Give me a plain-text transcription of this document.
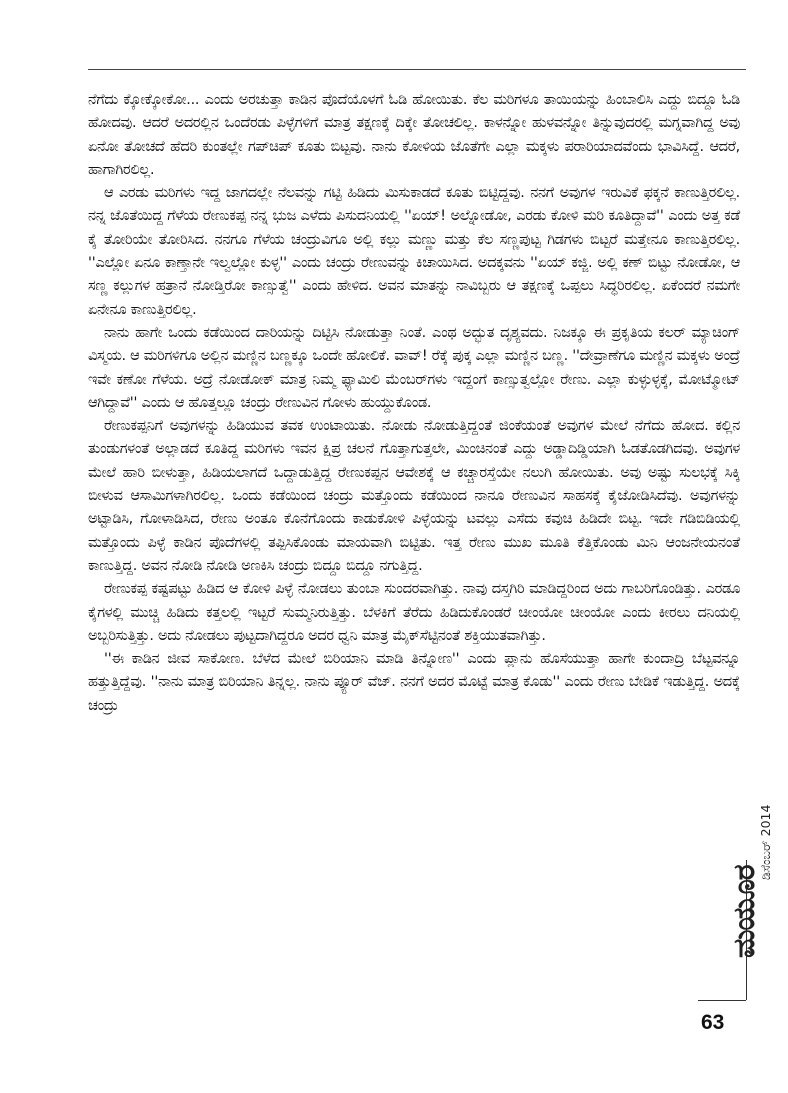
ನೆಗೆದು ಕ್ಕೋಕ್ಕೋಕೋ... ಎಂದು ಅರಚುತ್ತಾ ಕಾಡಿನ ಪೊದೆಯೊಳಗೆ ಓಡಿ ಹೋಯಿತು. ಕೆಲ ಮರಿಗಳೂ ತಾಯಿಯನ್ನು ಹಿಂಬಾಲಿಸಿ ಎದ್ದು ಬಿದ್ದೂ ಓಡಿ ಹೋದವು. ಆದರೆ ಅದರಲ್ಲಿನ ಒಂದೆರಡು ಪಿಳ್ಳೆಗಳಿಗೆ ಮಾತ್ರ ತಕ್ಷಣಕ್ಕೆ ದಿಕ್ಕೇ ತೋಚಲಿಲ್ಲ. ಕಾಳನ್ನೋ ಹುಳವನ್ನೋ ತಿನ್ನುವುದರಲ್ಲಿ ಮಗ್ನವಾಗಿದ್ದ ಅವು ಏನೋ ತೋಚದೆ ಹೆದರಿ ಕುಂತಲ್ಲೇ ಗಪ್‌ಚಿಪ್ ಕೂತು ಬಿಟ್ಟವು. ನಾನು ಕೋಳಿಯ ಜೊತೆಗೇ ಎಲ್ಲಾ ಮಕ್ಕಳು ಪರಾರಿಯಾದವೆಂದು ಭಾವಿಸಿದ್ದೆ. ಆದರೆ, ಹಾಗಾಗಿರಲಿಲ್ಲ.

ಆ ಎರಡು ಮರಿಗಳು ಇದ್ದ ಜಾಗದಲ್ಲೇ ನೆಲವನ್ನು ಗಟ್ಟಿ ಹಿಡಿದು ಮಿಸುಕಾಡದೆ ಕೂತು ಬಿಟ್ಟಿದ್ದವು. ನನಗೆ ಅವುಗಳ ಇರುವಿಕೆ ಫಕ್ಕನೆ ಕಾಣುತ್ತಿರಲಿಲ್ಲ. ನನ್ನ ಜೊತೆಯಿದ್ದ ಗೆಳೆಯ ರೇಣುಕಪ್ಪ ನನ್ನ ಭುಜ ಎಳೆದು ಪಿಸುದನಿಯಲ್ಲಿ ''ಏಯ್! ಅಲ್ನೋಡೋ, ಎರಡು ಕೋಳಿ ಮರಿ ಕೂತಿದ್ದಾವೆ'' ಎಂದು ಅತ್ತ ಕಡೆ ಕೈ ತೋರಿಯೇ ತೋರಿಸಿದ. ನನಗೂ ಗೆಳೆಯ ಚಂದ್ರುವಿಗೂ ಅಲ್ಲಿ ಕಲ್ಲು ಮಣ್ಣು ಮತ್ತು ಕೆಲ ಸಣ್ಣಪುಟ್ಟ ಗಿಡಗಳು ಬಿಟ್ಟರೆ ಮತ್ತೇನೂ ಕಾಣುತ್ತಿರಲಿಲ್ಲ. ''ಎಲ್ಲೋ ಏನೂ ಕಾಣ್ತಾನೇ ಇಲ್ವಲ್ಲೋ ಕುಳ್ಳ'' ಎಂದು ಚಂದ್ರು ರೇಣುವನ್ನು ಕಿಚಾಯಿಸಿದ. ಅದಕ್ಕವನು ''ಏಯ್ ಕಜ್ಜಿ. ಅಲ್ಲಿ ಕಣ್ ಬಿಟ್ಟು ನೋಡೋ, ಆ ಸಣ್ಣ ಕಲ್ಲುಗಳ ಹತ್ರಾನೆ ನೋಡ್ತಿರೋ ಕಾಣ್ಸುತ್ವೆ'' ಎಂದು ಹೇಳಿದ. ಅವನ ಮಾತನ್ನು ನಾವಿಬ್ಬರು ಆ ತಕ್ಷಣಕ್ಕೆ ಒಪ್ಪಲು ಸಿದ್ಧರಿರಲಿಲ್ಲ. ಏಕೆಂದರೆ ನಮಗೇ ಏನೇನೂ ಕಾಣುತ್ತಿರಲಿಲ್ಲ.

ನಾನು ಹಾಗೇ ಒಂದು ಕಡೆಯಿಂದ ದಾರಿಯನ್ನು ದಿಟ್ಟಿಸಿ ನೋಡುತ್ತಾ ನಿಂತೆ. ಎಂಥ ಅದ್ಭುತ ದೃಶ್ಯವದು. ನಿಜಕ್ಕೂ ಈ ಪ್ರಕೃತಿಯ ಕಲರ್ ಮ್ಯಾಚಿಂಗ್ ವಿಸ್ಮಯ. ಆ ಮರಿಗಳಿಗೂ ಅಲ್ಲಿನ ಮಣ್ಣಿನ ಬಣ್ಣಕ್ಕೂ ಒಂದೇ ಹೋಲಿಕೆ. ವಾವ್! ರೆಕ್ಕೆ ಪುಕ್ಕ ಎಲ್ಲಾ ಮಣ್ಣಿನ ಬಣ್ಣ. ''ದೇವ್ರಾಣೆಗೂ ಮಣ್ಣಿನ ಮಕ್ಕಳು ಅಂದ್ರೆ ಇವೇ ಕಣೋ ಗೆಳೆಯ. ಅದ್ರೆ ನೋಡೋಕ್ ಮಾತ್ರ ನಿಮ್ಮ ಫ್ಯಾಮಿಲಿ ಮೆಂಬರ್‌ಗಳು ಇದ್ದಂಗೆ ಕಾಣ್ಸುತ್ವಲ್ಲೋ ರೇಣು. ಎಲ್ಲಾ ಕುಳ್ಳುಳ್ಳಕ್ಕೆ, ಮೋಟ್ಮೋಟ್ ಆಗಿದ್ದಾವೆ'' ಎಂದು ಆ ಹೊತ್ತಲ್ಲೂ ಚಂದ್ರು ರೇಣುವಿನ ಗೋಳು ಹುಯ್ದುಕೊಂಡ.

ರೇಣುಕಪ್ಪನಿಗೆ ಅವುಗಳನ್ನು ಹಿಡಿಯುವ ತವಕ ಉಂಟಾಯಿತು. ನೋಡು ನೋಡುತ್ತಿದ್ದಂತೆ ಜಿಂಕೆಯಂತೆ ಅವುಗಳ ಮೇಲೆ ನೆಗೆದು ಹೋದ. ಕಲ್ಲಿನ ತುಂಡುಗಳಂತೆ ಅಲ್ಲಾಡದೆ ಕೂತಿದ್ದ ಮರಿಗಳು ಇವನ ಕ್ಷಿಪ್ರ ಚಲನೆ ಗೊತ್ತಾಗುತ್ತಲೇ, ಮಿಂಚಿನಂತೆ ಎದ್ದು ಅಡ್ಡಾದಿಡ್ಡಿಯಾಗಿ ಓಡತೊಡಗಿದವು. ಅವುಗಳ ಮೇಲೆ ಹಾರಿ ಬೀಳುತ್ತಾ, ಹಿಡಿಯಲಾಗದೆ ಒದ್ದಾಡುತ್ತಿದ್ದ ರೇಣುಕಪ್ಪನ ಆವೇಶಕ್ಕೆ ಆ ಕಚ್ಚಾರಸ್ತೆಯೇ ನಲುಗಿ ಹೋಯಿತು. ಅವು ಅಷ್ಟು ಸುಲಭಕ್ಕೆ ಸಿಕ್ಕಿ ಬೀಳುವ ಆಸಾಮಿಗಳಾಗಿರಲಿಲ್ಲ. ಒಂದು ಕಡೆಯಿಂದ ಚಂದ್ರು ಮತ್ತೊಂದು ಕಡೆಯಿಂದ ನಾನೂ ರೇಣುವಿನ ಸಾಹಸಕ್ಕೆ ಕೈಜೋಡಿಸಿದೆವು. ಅವುಗಳನ್ನು ಅಟ್ಟಾಡಿಸಿ, ಗೋಳಾಡಿಸಿದ, ರೇಣು ಅಂತೂ ಕೊನೆಗೊಂದು ಕಾಡುಕೋಳಿ ಪಿಳ್ಳೆಯನ್ನು ಟವಲ್ಲು ಎಸೆದು ಕವುಚಿ ಹಿಡಿದೇ ಬಿಟ್ಟ. ಇದೇ ಗಡಿಬಿಡಿಯಲ್ಲಿ ಮತ್ತೊಂದು ಪಿಳ್ಳೆ ಕಾಡಿನ ಪೊದೆಗಳಲ್ಲಿ ತಪ್ಪಿಸಿಕೊಂಡು ಮಾಯವಾಗಿ ಬಿಟ್ಟಿತು. ಇತ್ತ ರೇಣು ಮುಖ ಮೂತಿ ಕೆತ್ತಿಕೊಂಡು ಮಿನಿ ಆಂಜನೇಯನಂತೆ ಕಾಣುತ್ತಿದ್ದ. ಅವನ ನೋಡಿ ನೋಡಿ ಅಣಕಿಸಿ ಚಂದ್ರು ಬಿದ್ದೂ ಬಿದ್ದೂ ನಗುತ್ತಿದ್ದ.

ರೇಣುಕಪ್ಪ ಕಷ್ಟಪಟ್ಟು ಹಿಡಿದ ಆ ಕೋಳಿ ಪಿಳ್ಳೆ ನೋಡಲು ತುಂಬಾ ಸುಂದರವಾಗಿತ್ತು. ನಾವು ದಸ್ತಗಿರಿ ಮಾಡಿದ್ದರಿಂದ ಅದು ಗಾಬರಿಗೊಂಡಿತ್ತು. ಎರಡೂ ಕೈಗಳಲ್ಲಿ ಮುಚ್ಚಿ ಹಿಡಿದು ಕತ್ತಲಲ್ಲಿ ಇಟ್ಟರೆ ಸುಮ್ಮನಿರುತ್ತಿತ್ತು. ಬೆಳಕಿಗೆ ತೆರೆದು ಹಿಡಿದುಕೊಂಡರೆ ಚೀಂಯೋ ಚೀಂಯೋ ಎಂದು ಕೀರಲು ದನಿಯಲ್ಲಿ ಅಬ್ಬರಿಸುತ್ತಿತ್ತು. ಅದು ನೋಡಲು ಪುಟ್ಟದಾಗಿದ್ದರೂ ಅದರ ಧ್ವನಿ ಮಾತ್ರ ಮೈಕ್‌ಸೆಟ್ಟಿನಂತೆ ಶಕ್ತಿಯುತವಾಗಿತ್ತು.

''ಈ ಕಾಡಿನ ಜೀವ ಸಾಕೋಣ. ಬೆಳೆದ ಮೇಲೆ ಬಿರಿಯಾನಿ ಮಾಡಿ ತಿನ್ನೋಣ'' ಎಂದು ಪ್ಲಾನು ಹೊಸೆಯುತ್ತಾ ಹಾಗೇ ಕುಂದಾದ್ರಿ ಬೆಟ್ಟವನ್ನೂ ಹತ್ತುತ್ತಿದ್ದೆವು. ''ನಾನು ಮಾತ್ರ ಬಿರಿಯಾನಿ ತಿನ್ನಲ್ಲ. ನಾನು ಪ್ಯೂರ್ ವೆಜ್. ನನಗೆ ಅದರ ಮೊಟ್ಟೆ ಮಾತ್ರ ಕೊಡು'' ಎಂದು ರೇಣು ಬೇಡಿಕೆ ಇಡುತ್ತಿದ್ದ. ಅದಕ್ಕೆ ಚಂದ್ರು

ಮಯೂರ
ಡಿಸೆಂಬರ್ 2014
63
